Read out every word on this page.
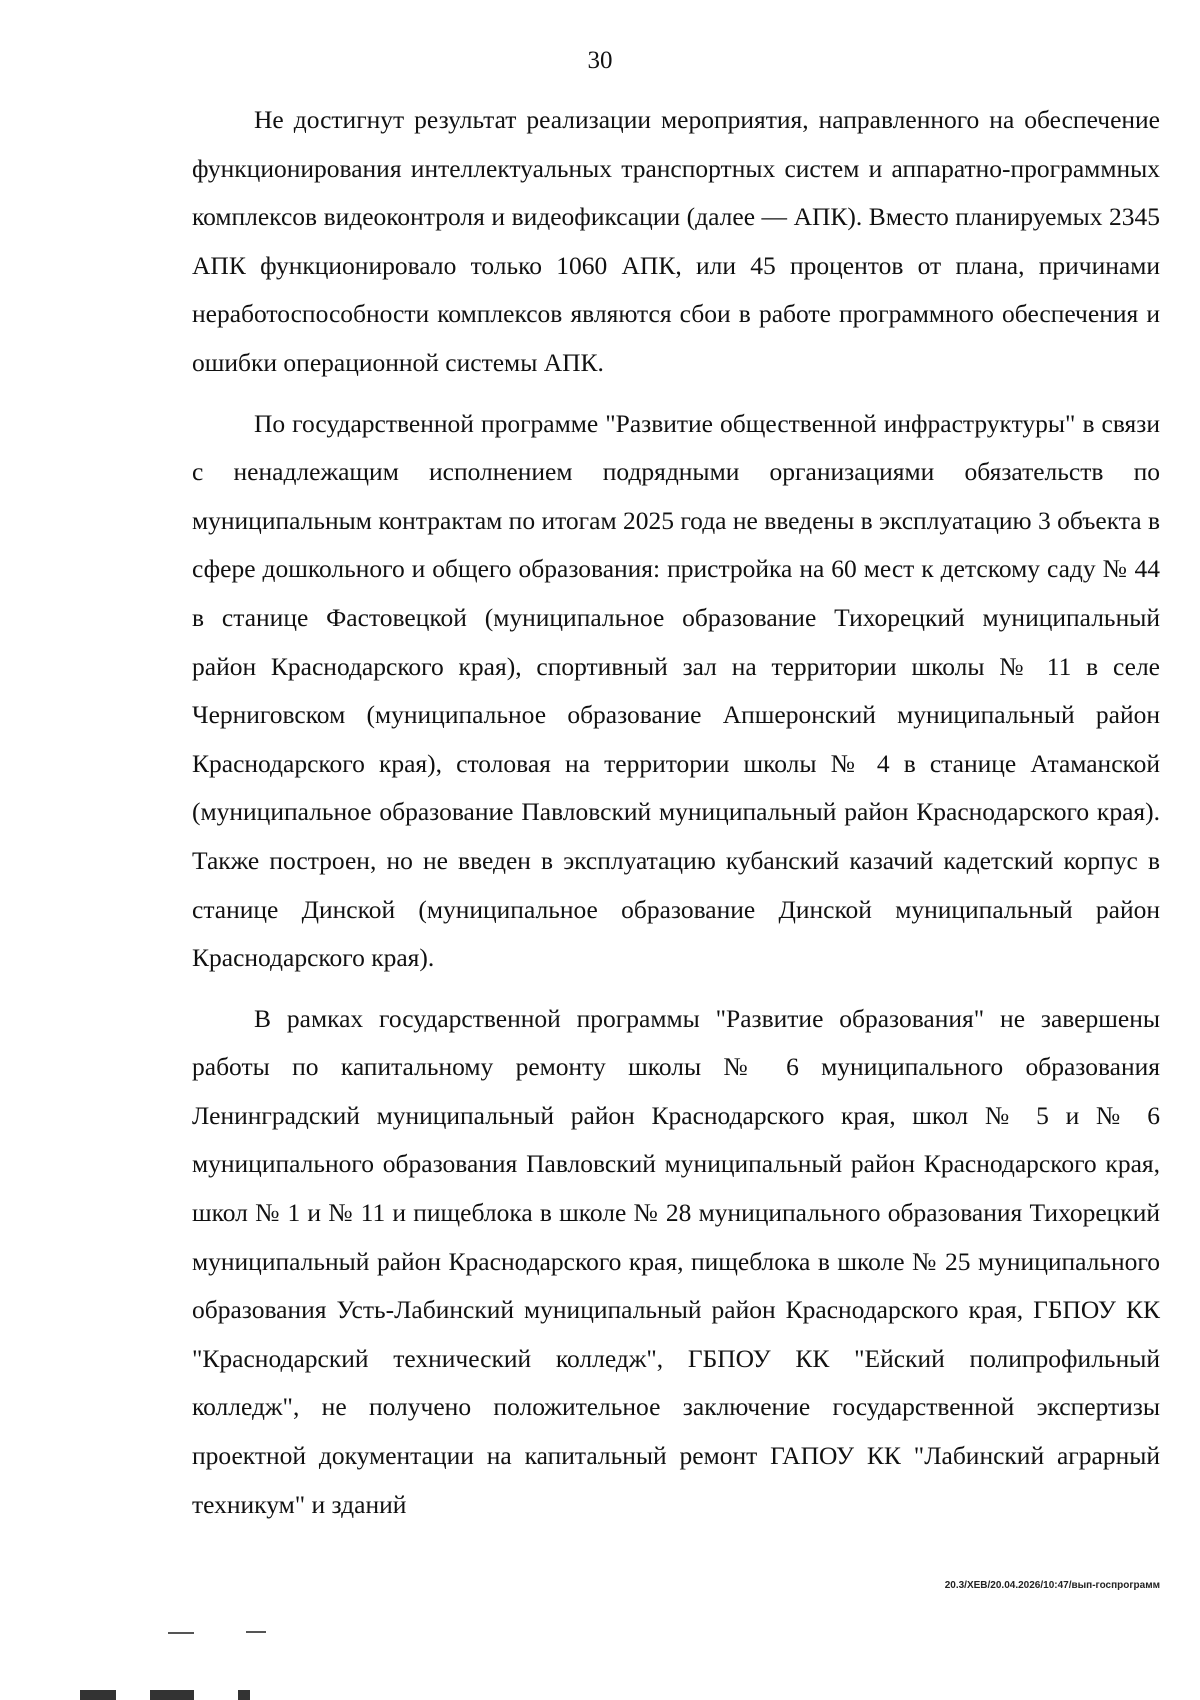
30

Не достигнут результат реализации мероприятия, направленного на обеспечение функционирования интеллектуальных транспортных систем и аппаратно-программных комплексов видеоконтроля и видеофиксации (далее — АПК). Вместо планируемых 2345 АПК функционировало только 1060 АПК, или 45 процентов от плана, причинами неработоспособности комплексов являются сбои в работе программного обеспечения и ошибки операционной системы АПК.

По государственной программе "Развитие общественной инфраструктуры" в связи с ненадлежащим исполнением подрядными организациями обязательств по муниципальным контрактам по итогам 2025 года не введены в эксплуатацию 3 объекта в сфере дошкольного и общего образования: пристройка на 60 мест к детскому саду № 44 в станице Фастовецкой (муниципальное образование Тихорецкий муниципальный район Краснодарского края), спортивный зал на территории школы № 11 в селе Черниговском (муниципальное образование Апшеронский муниципальный район Краснодарского края), столовая на территории школы № 4 в станице Атаманской (муниципальное образование Павловский муниципальный район Краснодарского края). Также построен, но не введен в эксплуатацию кубанский казачий кадетский корпус в станице Динской (муниципальное образование Динской муниципальный район Краснодарского края).

В рамках государственной программы "Развитие образования" не завершены работы по капитальному ремонту школы № 6 муниципального образования Ленинградский муниципальный район Краснодарского края, школ № 5 и № 6 муниципального образования Павловский муниципальный район Краснодарского края, школ № 1 и № 11 и пищеблока в школе № 28 муниципального образования Тихорецкий муниципальный район Краснодарского края, пищеблока в школе № 25 муниципального образования Усть-Лабинский муниципальный район Краснодарского края, ГБПОУ КК "Краснодарский технический колледж", ГБПОУ КК "Ейский полипрофильный колледж", не получено положительное заключение государственной экспертизы проектной документации на капитальный ремонт ГАПОУ КК "Лабинский аграрный техникум" и зданий

20.3/ХЕВ/20.04.2026/10:47/вып-госпрограмм
